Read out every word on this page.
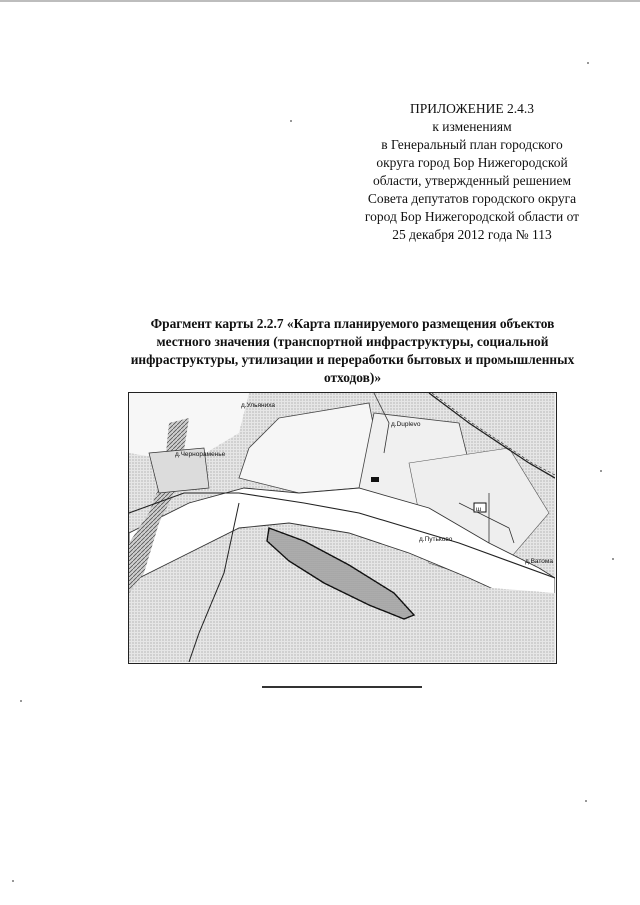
ПРИЛОЖЕНИЕ 2.4.3
к изменениям
в Генеральный план городского
округа город Бор Нижегородской
области, утвержденный решением
Совета депутатов городского округа
город Бор Нижегородской области от
25 декабря 2012 года № 113
Фрагмент карты 2.2.7 «Карта планируемого размещения объектов
местного значения (транспортной инфраструктуры, социальной
инфраструктуры, утилизации и переработки бытовых и промышленных
отходов)»
д.Ульяниха
д.Duplevo
д.Чернораменье
д.Путьково
д.Ватома
ш
